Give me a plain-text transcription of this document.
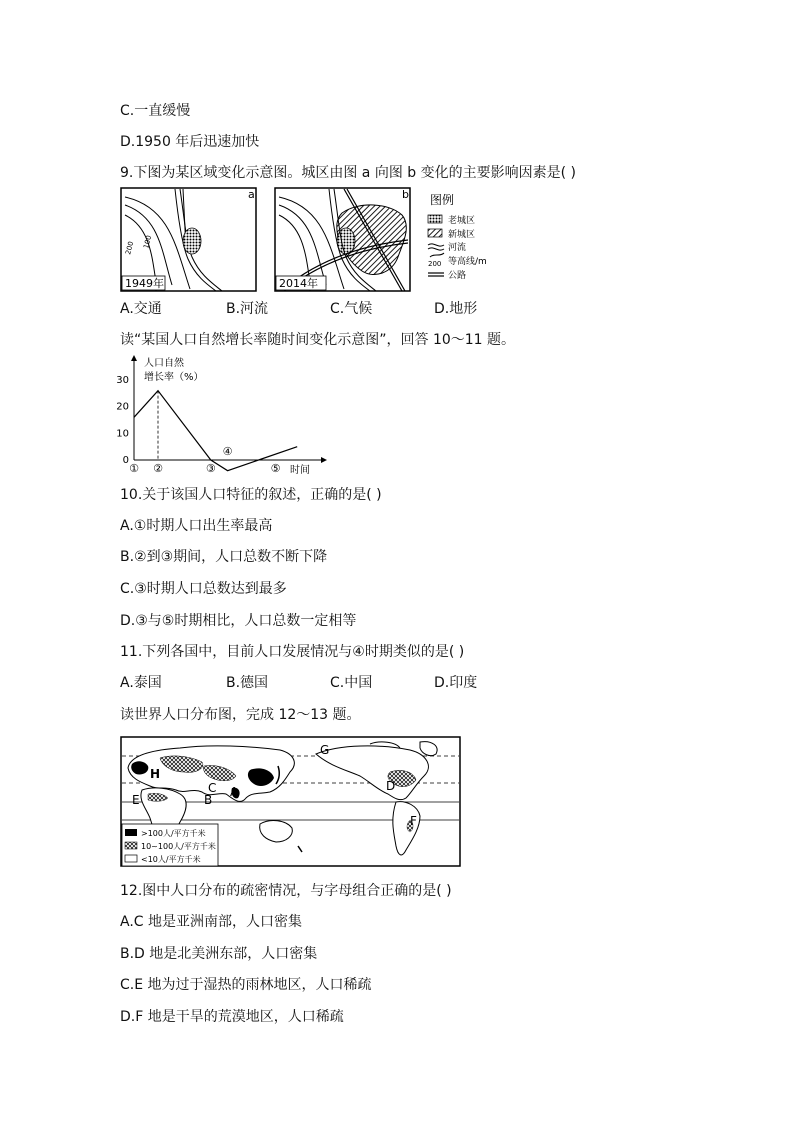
C.一直缓慢
D.1950 年后迅速加快
9.下图为某区域变化示意图。城区由图 a 向图 b 变化的主要影响因素是( )
200 100
a
1949年
b
2014年
图例
老城区
新城区
河流
200 等高线/m
公路
A.交通	B.河流	C.气候	D.地形
读“某国人口自然增长率随时间变化示意图”，回答 10～11 题。
人口自然
增长率（%）
30
20
10
0
① ②	③
④
⑤ 时间
10.关于该国人口特征的叙述，正确的是( )
A.①时期人口出生率最高
B.②到③期间，人口总数不断下降
C.③时期人口总数达到最多
D.③与⑤时期相比，人口总数一定相等
11.下列各国中，目前人口发展情况与④时期类似的是( )
A.泰国	B.德国	C.中国	D.印度
读世界人口分布图，完成 12～13 题。
G
H
C
B
A	D
E
F
>100人/平方千米
10~100人/平方千米
<10人/平方千米
12.图中人口分布的疏密情况，与字母组合正确的是( )
A.C 地是亚洲南部，人口密集
B.D 地是北美洲东部，人口密集
C.E 地为过于湿热的雨林地区，人口稀疏
D.F 地是干旱的荒漠地区，人口稀疏
